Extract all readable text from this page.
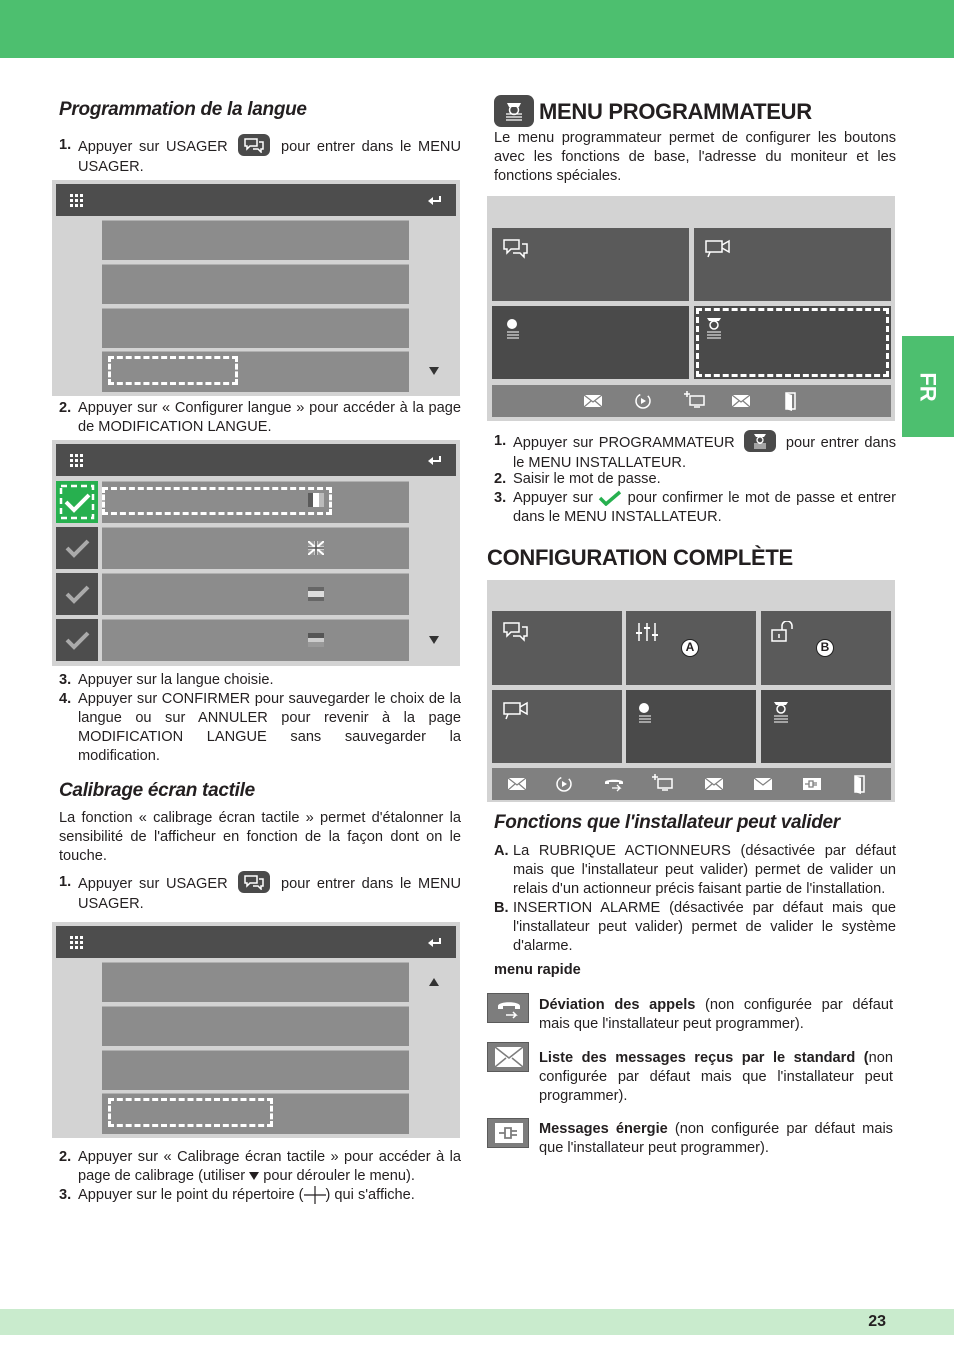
FR
Programmation de la langue
1. Appuyer sur USAGER	pour entrer dans le MENU USAGER.
2. Appuyer sur « Configurer langue » pour accéder à la page de MODIFICATION LANGUE.
3. Appuyer sur la langue choisie.
4. Appuyer sur CONFIRMER pour sauvegarder le choix de la langue ou sur ANNULER pour revenir à la page MODIFICATION LANGUE sans sauvegarder la modification.
Calibrage écran tactile
La fonction « calibrage écran tactile » permet d'étalonner la sensibilité de l'afficheur en fonction de la façon dont on le touche.
1. Appuyer sur USAGER	pour entrer dans le MENU USAGER.
2. Appuyer sur « Calibrage écran tactile » pour accéder à la page de calibrage (utiliser pour dérouler le menu).
3. Appuyer sur le point du répertoire ( ) qui s'affiche.
MENU PROGRAMMATEUR
Le menu programmateur permet de configurer les boutons avec les fonctions de base, l'adresse du moniteur et les fonctions spéciales.
1. Appuyer sur PROGRAMMATEUR	pour entrer dans le MENU INSTALLATEUR.
2. Saisir le mot de passe.
3. Appuyer sur pour confirmer le mot de passe et entrer dans le MENU INSTALLATEUR.
CONFIGURATION COMPLÈTE
A	B
Fonctions que l'installateur peut valider
A. La RUBRIQUE ACTIONNEURS (désactivée par défaut mais que l'installateur peut valider) permet de valider un relais d'un actionneur précis faisant partie de l'installation.
B. INSERTION ALARME (désactivée par défaut mais que l'installateur peut valider) permet de valider le système d'alarme.
menu rapide
Déviation des appels (non configurée par défaut mais que l'installateur peut programmer).
Liste des messages reçus par le standard (non configurée par défaut mais que l'installateur peut programmer).
Messages énergie (non configurée par défaut mais que l'installateur peut programmer).
23
